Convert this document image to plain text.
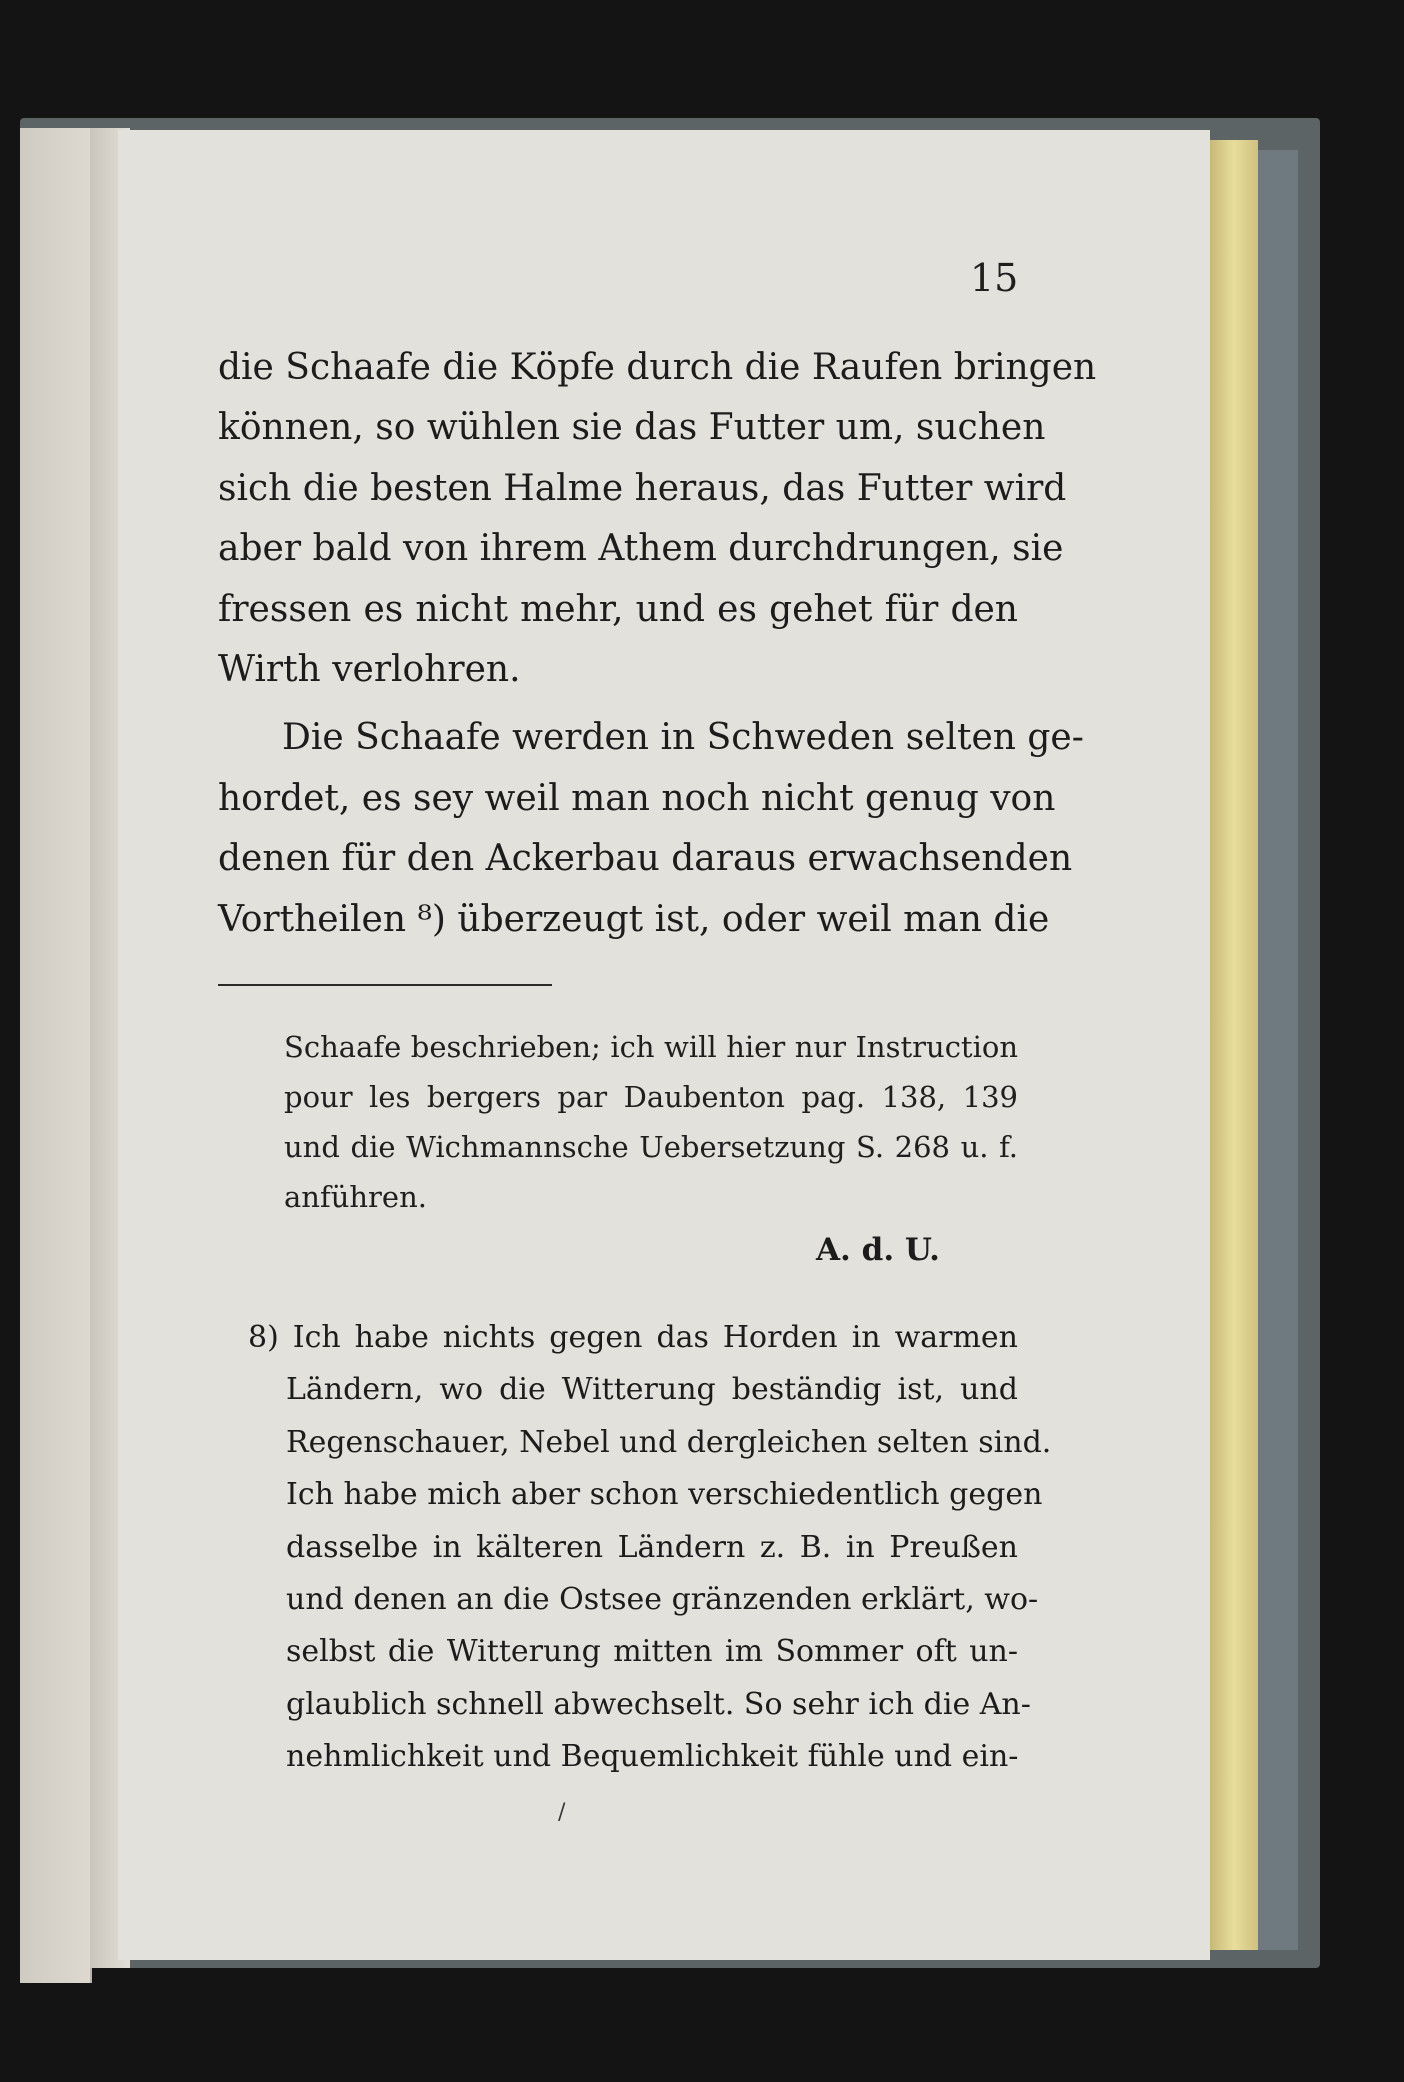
15
die Schaafe die Köpfe durch die Raufen bringen
können, so wühlen sie das Futter um, suchen
sich die besten Halme heraus, das Futter wird
aber bald von ihrem Athem durchdrungen, sie
fressen es nicht mehr, und es gehet für den
Wirth verlohren.
Die Schaafe werden in Schweden selten ge-
hordet, es sey weil man noch nicht genug von
denen für den Ackerbau daraus erwachsenden
Vortheilen ⁸) überzeugt ist, oder weil man die
Schaafe beschrieben; ich will hier nur Instruction
pour les bergers par Daubenton pag. 138, 139
und die Wichmannsche Uebersetzung S. 268 u. f.
anführen.
A. d. U.
8) Ich habe nichts gegen das Horden in warmen
Ländern, wo die Witterung beständig ist, und
Regenschauer, Nebel und dergleichen selten sind.
Ich habe mich aber schon verschiedentlich gegen
dasselbe in kälteren Ländern z. B. in Preußen
und denen an die Ostsee gränzenden erklärt, wo-
selbst die Witterung mitten im Sommer oft un-
glaublich schnell abwechselt. So sehr ich die An-
nehmlichkeit und Bequemlichkeit fühle und ein-
/
